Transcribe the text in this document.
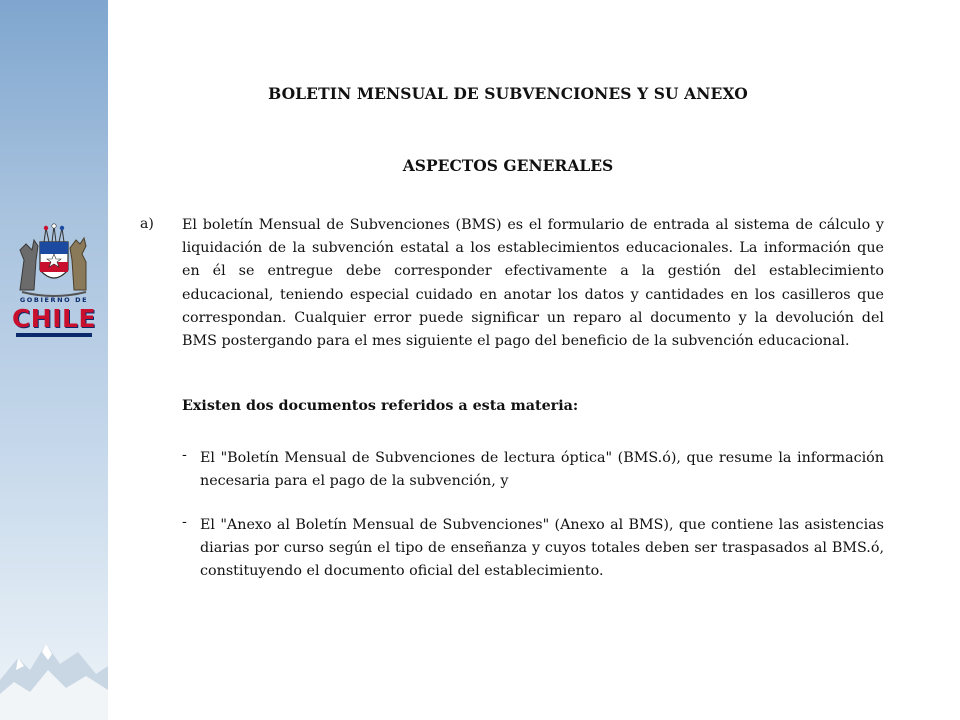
GOBIERNO DE
CHILE
BOLETIN MENSUAL DE SUBVENCIONES Y SU ANEXO
ASPECTOS GENERALES
a) El boletín Mensual de Subvenciones (BMS) es el formulario de entrada al sistema de cálculo y liquidación de la subvención estatal a los establecimientos educacionales. La información que en él se entregue debe corresponder efectivamente a la gestión del establecimiento educacional, teniendo especial cuidado en anotar los datos y cantidades en los casilleros que correspondan. Cualquier error puede significar un reparo al documento y la devolución del BMS postergando para el mes siguiente el pago del beneficio de la subvención educacional.
Existen dos documentos referidos a esta materia:
- El "Boletín Mensual de Subvenciones de lectura óptica" (BMS.ó), que resume la información necesaria para el pago de la subvención, y
- El "Anexo al Boletín Mensual de Subvenciones" (Anexo al BMS), que contiene las asistencias diarias por curso según el tipo de enseñanza y cuyos totales deben ser traspasados al BMS.ó, constituyendo el documento oficial del establecimiento.
